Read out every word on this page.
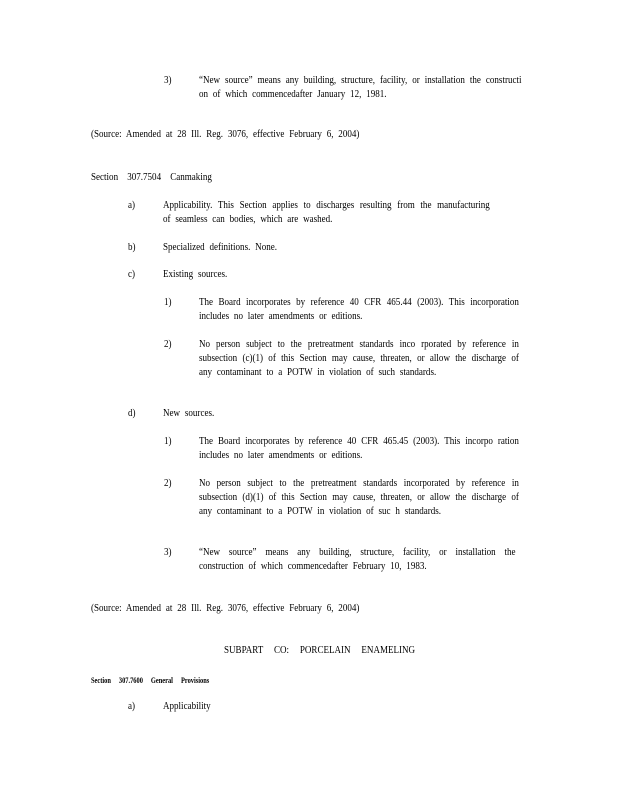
3)	“New source” means any building, structure, facility, or installation the constructi on of which commencedafter January 12, 1981.
(Source: Amended at 28 Ill. Reg. 3076, effective February 6, 2004)
Section 307.7504 Canmaking
a)	Applicability. This Section applies to discharges resulting from the manufacturing of seamless can bodies, which are washed.
b)	Specialized definitions. None.
c)	Existing sources.
1)	The Board incorporates by reference 40 CFR 465.44 (2003). This incorporation includes no later amendments or editions.
2)	No person subject to the pretreatment standards inco rporated by reference in subsection (c)(1) of this Section may cause, threaten, or allow the discharge of any contaminant to a POTW in violation of such standards.
d)	New sources.
1)	The Board incorporates by reference 40 CFR 465.45 (2003). This incorpo ration includes no later amendments or editions.
2)	No person subject to the pretreatment standards incorporated by reference in subsection (d)(1) of this Section may cause, threaten, or allow the discharge of any contaminant to a POTW in violation of suc h standards.
3)	“New source” means any building, structure, facility, or installation the construction of which commencedafter February 10, 1983.
(Source: Amended at 28 Ill. Reg. 3076, effective February 6, 2004)
SUBPART CO: PORCELAIN ENAMELING
Section 307.7600 General Provisions
a)	Applicability
